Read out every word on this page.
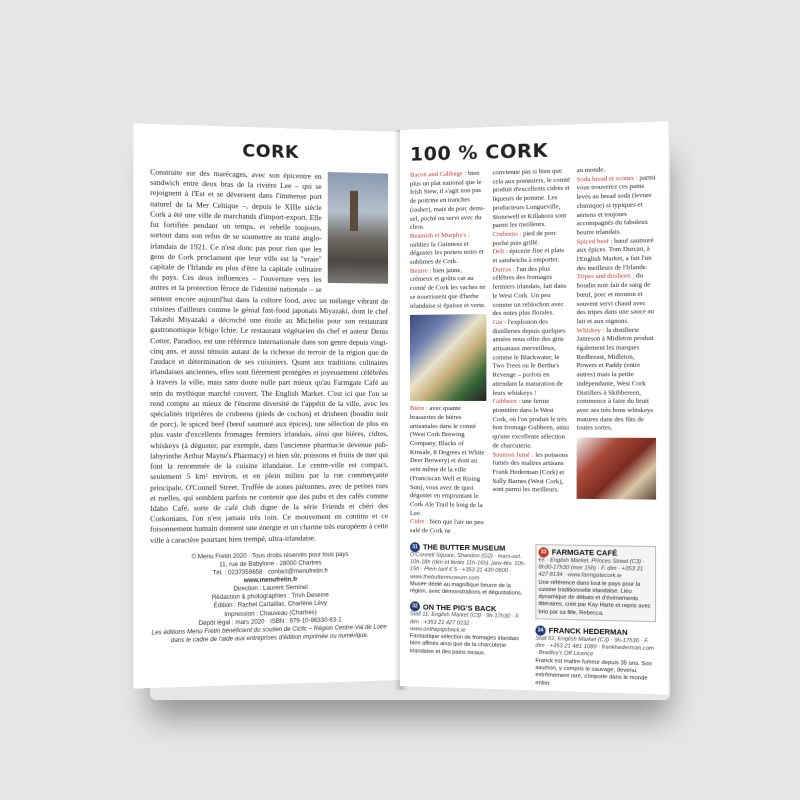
CORK
Construite sur des marécages, avec son épicentre en sandwich entre deux bras de la rivière Lee – qui se rejoignent à l'Est et se déversent dans l'immense port naturel de la Mer Celtique –, depuis le XIIIe siècle Cork a été une ville de marchands d'import-export. Elle fut fortifiée pendant un temps, et rebelle toujours, surtout dans son refus de se soumettre au traité anglo-irlandais de 1921. Ce n'est donc pas pour rien que les gens de Cork proclament que leur ville est la "vraie" capitale de l'Irlande en plus d'être la capitale culinaire du pays. Ces deux influences – l'ouverture vers les autres et la protection féroce de l'identité nationale – se sentent encore aujourd'hui dans la culture food, avec un mélange vibrant de cuisines d'ailleurs comme le génial fast-food japonais Miyazaki, dont le chef Takashi Miyazaki a décroché une étoile au Michelin pour son restaurant gastronomique Ichigo Ichie. Le restaurant végétarien du chef et auteur Denis Cotter, Paradiso, est une référence internationale dans son genre depuis vingt-cinq ans, et aussi témoin autant de la richesse du terroir de la région que de l'audace et détermination de ses cuisiniers. Quant aux traditions culinaires irlandaises anciennes, elles sont fièrement protégées et joyeusement célébrées à travers la ville, mais sans doute nulle part mieux qu'au Farmgate Café au sein du mythique marché couvert, The English Market. C'est ici que l'on se rend compte au mieux de l'énorme diversité de l'appétit de la ville, avec les spécialités triprières de crubeens (pieds de cochon) et drisheen (boudin noir de porc), le spiced beef (bœuf saumuré aux épices), une sélection de plus en plus vaste d'excellents fromages fermiers irlandais, ainsi que bières, cidres, whiskeys (à déguster, par exemple, dans l'ancienne pharmacie devenue pub-labyrinthe Arthur Mayne's Pharmacy) et bien sûr, poissons et fruits de mer qui font la renommée de la cuisine irlandaise. Le centre-ville est compact, seulement 5 km² environ, et en plein milieu par la rue commerçante principale, O'Connell Street. Truffée de zones piétonnes, avec de petites rues et ruelles, qui semblent parfois ne contenir que des pubs et des cafés comme Idaho Café, sorte de café club digne de la série Friends et chéri des Corkonians, l'on n'est jamais très loin. Ce mouvement en continu et ce foisonnement humain donnent une énergie et un charme très européens à cette ville à caractère pourtant bien trempé, ultra-irlandaise.
© Menu Fretin 2020 · Tous droits réservés pour tous pays
11, rue de Babylone · 28000 Chartres
Tél. : 0237359658 · contact@menufretin.fr
www.menufretin.fr
Direction : Laurent Seminel
Rédaction & photographies : Trish Deseine
Édition : Rachel Cartaillac, Charlène Lévy
Impression : Chauveau (Chartres)
Dépôt légal : mars 2020 · ISBN : 979-10-96330-63-1
Les éditions Menu Fretin bénéficient du soutien de Ciclic – Région Centre-Val de Loire dans le cadre de l'aide aux entreprises d'édition imprimée ou numérique.
100 % CORK
Bacon and Cabbage : bien plus un plat national que le Irish Stew, il s'agit non pas de poitrine en tranches (rasher), mais de porc demi-sel, poché ou servi avec du chou.
Beamish et Murphy's : oubliez la Guinness et dégustez les porters noirs et sublimes de Cork.
Beurre : bien jaune, crémeux et goûtu car au comté de Cork les vaches ne se nourrissent que d'herbe irlandaise si épaisse et verte.
Bière : avec quante brasseries de bières artisanales dans le comté (West Cork Brewing Company, Blacks of Kinsale, 8 Degrees et White Deer Brewery) et dont au sein même de la ville (Franciscan Well et Rising Sun), vous avez de quoi déguster en empruntant le Cork Ale Trail le long de la Lee.
Cidre : bien que l'air un peu salé de Cork ne
convienne pas si bien que cela aux pommiers, le comté produit d'excellents cidres et liqueurs de pomme. Les producteurs Longueville, Stonewell et Killahora sont parmi les meilleurs.
Crubeens : pied de porc poché puis grillé.
Deli : épicerie fine et plats et sandwichs à emporter.
Durrus : l'un des plus célèbres des fromages fermiers irlandais, fait dans le West Cork. Un peu comme un reblochon avec des notes plus florales.
Gin : l'explosion des distilleries depuis quelques années nous offre des gins artisanaux merveilleux, comme le Blackwater, le Two Trees ou le Bertha's Revenge – parfois en attendant la maturation de leurs whiskeys !
Gubbeen : une ferme pionnière dans le West Cork, où l'on produit le très bon fromage Gubbeen, ainsi qu'une excellente sélection de charcuterie.
Saumon fumé : les poissons fumés des maîtres artisans Frank Hederman (Cork) et Sally Barnes (West Cork), sont parmi les meilleurs.
au monde.
Soda bread et scones : parmi vous trouverez ces pains levés au bread soda (levure chimique) si typiques et aériens et toujours accompagnés du fabuleux beurre irlandais.
Spiced beef : bœuf saumuré aux épices. Tom Durcan, à l'English Market, a fait l'un des meilleurs de l'Irlande.
Tripes and drisheen : du boudin noir fait de sang de bœuf, porc et mouton et souvent servi chaud avec des tripes dans une sauce au lait et aux oignons.
Whiskey : la distillerie Jameson à Midleton produit également les marques Redbreast, Midleton, Powers et Paddy (entre autres) mais la petite indépendante, West Cork Distillers à Skibbereen, commence à faire du bruit avec ses très bons whiskeys matures dans des fûts de toutes sortes.
31 THE BUTTER MUSEUM
O'Connell Square, Shandon (G2) · mars-oct. 10h-18h (dim et fériés 11h-16h), janv-fév. 10h-15h · Plein tarif € 5 · +353 21 430 0600 · www.thebuttermuseum.com
Musée dédié au magnifique beurre de la région, avec démonstrations et dégustations.
32 ON THE PIG'S BACK
Stall 11, English Market (C3) · 9h-17h30 · F. dim · +353 21 427 0232 · www.onthepigsback.ie
Fantastique sélection de fromages irlandais bien affinés ainsi que de la charcuterie irlandaise et des pains locaux.
33 FARMGATE CAFÉ
€€ · English Market, Princes Street (C3) · 8h30-17h30 (mer 15h) · F. dim · +353 21 427 8134 · www.farmgatecork.ie
Une référence dans tout le pays pour la cuisine traditionnelle irlandaise. Lieu dynamique de débats et d'événements littéraires, créé par Kay Harte et repris avec brio par sa fille, Rebecca.
34 FRANCK HEDERMAN
Stall 51, English Market (C3) · 9h-17h30 · F. dim · +353 21 481 1089 · frankhederman.com · Bradley's Off Licence
Franck est maître fumeur depuis 35 ans. Son saumon, y compris le sauvage, devenu extrêmement rare, s'importe dans le monde entier.
